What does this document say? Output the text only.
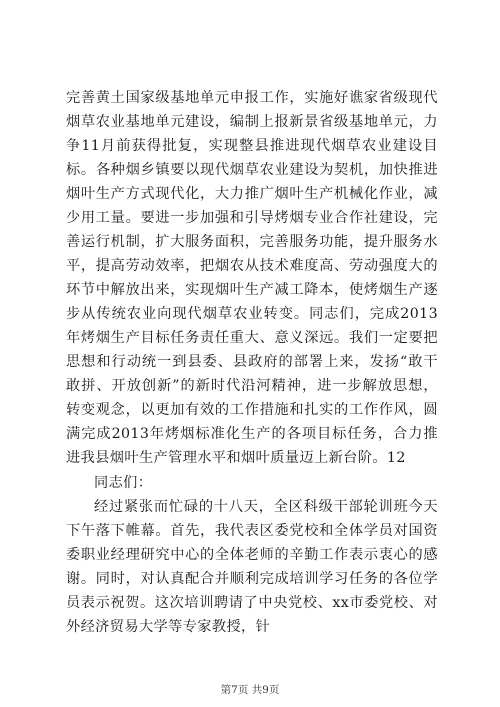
完善黄土国家级基地单元申报工作，实施好谯家省级现代烟草农业基地单元建设，编制上报新景省级基地单元，力争11月前获得批复，实现整县推进现代烟草农业建设目标。各种烟乡镇要以现代烟草农业建设为契机，加快推进烟叶生产方式现代化，大力推广烟叶生产机械化作业，减少用工量。要进一步加强和引导烤烟专业合作社建设，完善运行机制，扩大服务面积，完善服务功能，提升服务水平，提高劳动效率，把烟农从技术难度高、劳动强度大的环节中解放出来，实现烟叶生产减工降本，使烤烟生产逐步从传统农业向现代烟草农业转变。同志们，完成2013年烤烟生产目标任务责任重大、意义深远。我们一定要把思想和行动统一到县委、县政府的部署上来，发扬“敢干敢拼、开放创新”的新时代沿河精神，进一步解放思想，转变观念，以更加有效的工作措施和扎实的工作作风，圆满完成2013年烤烟标准化生产的各项目标任务，合力推进我县烟叶生产管理水平和烟叶质量迈上新台阶。12

同志们：

经过紧张而忙碌的十八天，全区科级干部轮训班今天下午落下帷幕。首先，我代表区委党校和全体学员对国资委职业经理研究中心的全体老师的辛勤工作表示衷心的感谢。同时，对认真配合并顺利完成培训学习任务的各位学员表示祝贺。这次培训聘请了中央党校、xx市委党校、对外经济贸易大学等专家教授，针

第7页 共9页
